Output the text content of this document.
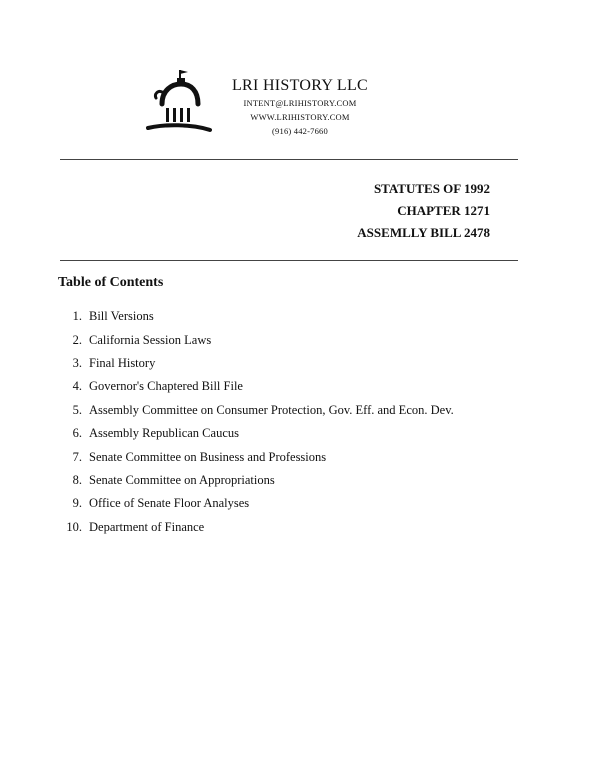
LRI HISTORY LLC
INTENT@LRIHISTORY.COM
WWW.LRIHISTORY.COM
(916) 442-7660
STATUTES OF 1992
CHAPTER 1271
ASSEMLLY BILL 2478
Table of Contents
1. Bill Versions
2. California Session Laws
3. Final History
4. Governor's Chaptered Bill File
5. Assembly Committee on Consumer Protection, Gov. Eff. and Econ. Dev.
6. Assembly Republican Caucus
7. Senate Committee on Business and Professions
8. Senate Committee on Appropriations
9. Office of Senate Floor Analyses
10. Department of Finance
